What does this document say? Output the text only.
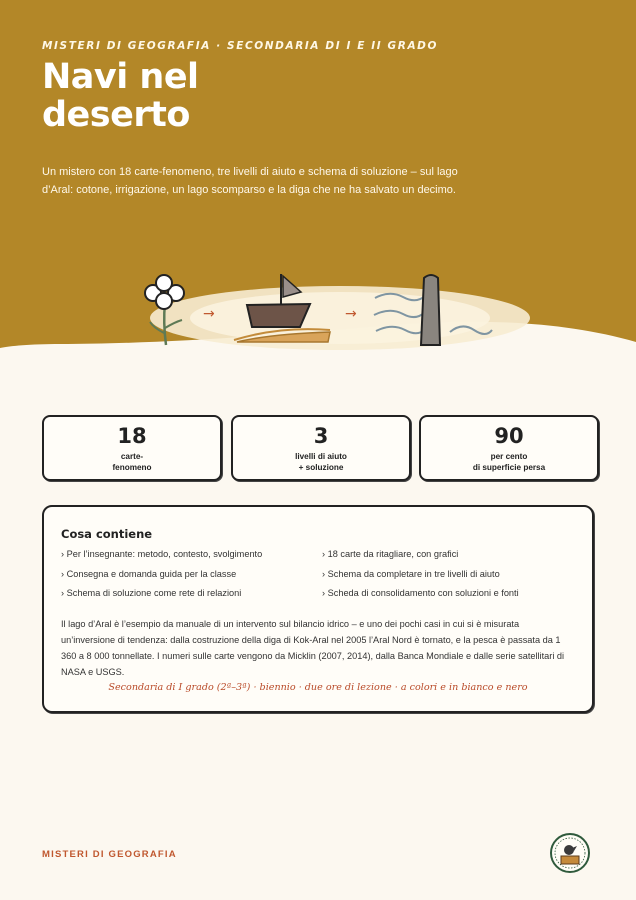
MISTERI DI GEOGRAFIA · SECONDARIA DI I E II GRADO
Navi nel deserto
Un mistero con 18 carte-fenomeno, tre livelli di aiuto e schema di soluzione – sul lago d’Aral: cotone, irrigazione, un lago scomparso e la diga che ne ha salvato un decimo.
→	→
18
carte-
fenomeno
3
livelli di aiuto
+ soluzione
90
per cento
di superficie persa
Cosa contiene
› Per l’insegnante: metodo, contesto, svolgimento
› Consegna e domanda guida per la classe
› Schema di soluzione come rete di relazioni
› 18 carte da ritagliare, con grafici
› Schema da completare in tre livelli di aiuto
› Scheda di consolidamento con soluzioni e fonti
Il lago d’Aral è l’esempio da manuale di un intervento sul bilancio idrico – e uno dei pochi casi in cui si è misurata un’inversione di tendenza: dalla costruzione della diga di Kok-Aral nel 2005 l’Aral Nord è tornato, e la pesca è passata da 1 360 a 8 000 tonnellate. I numeri sulle carte vengono da Micklin (2007, 2014), dalla Banca Mondiale e dalle serie satellitari di NASA e USGS.
Secondaria di I grado (2ª–3ª) · biennio · due ore di lezione · a colori e in bianco e nero
MISTERI DI GEOGRAFIA
